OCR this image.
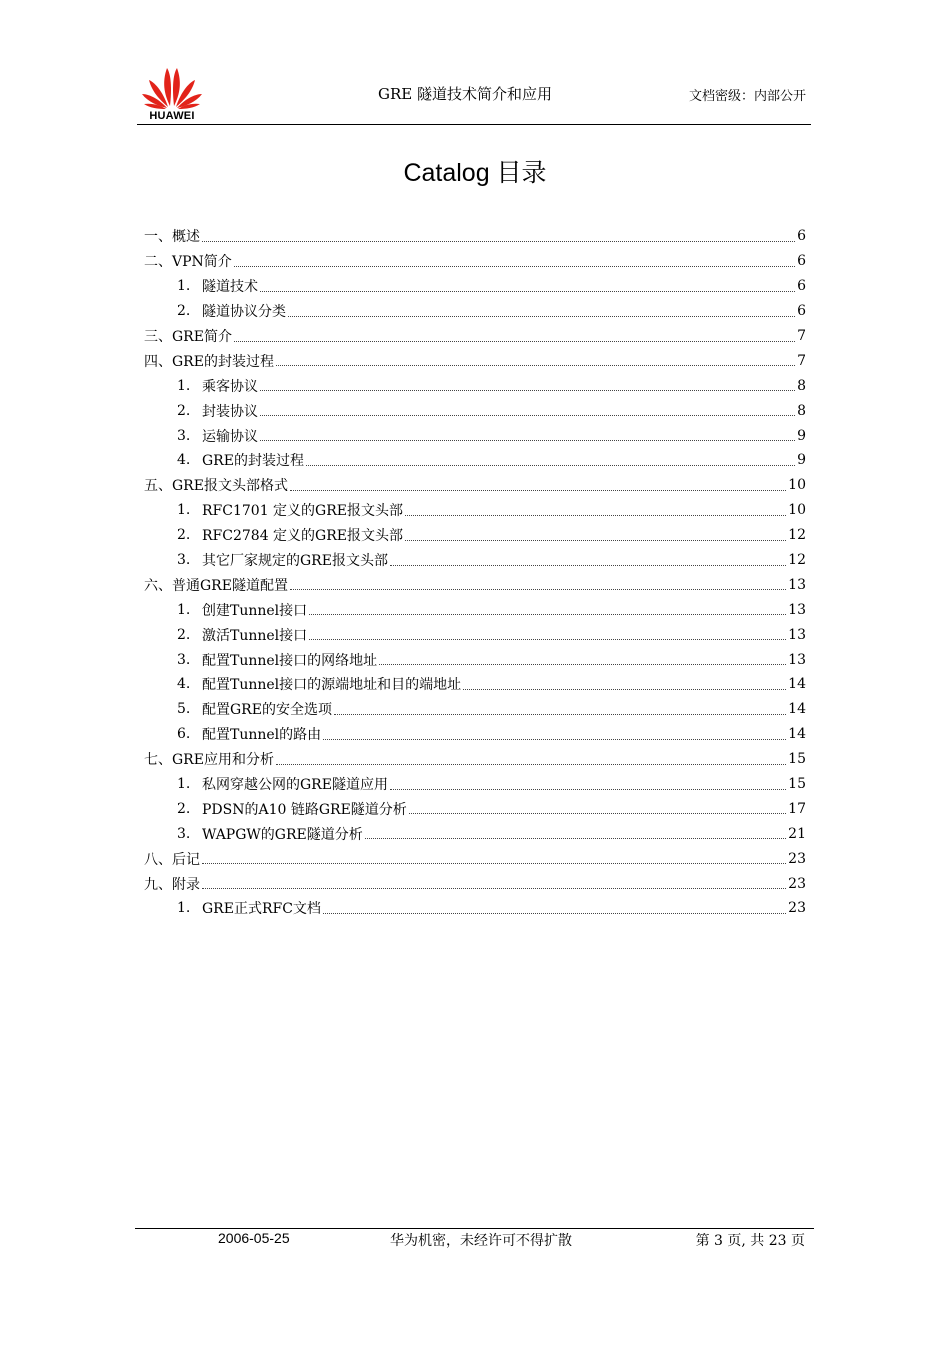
HUAWEI
GRE 隧道技术简介和应用	文档密级：内部公开
Catalog 目录
一、概述	6
二、VPN简介	6
1. 隧道技术	6
2. 隧道协议分类	6
三、GRE简介	7
四、GRE的封装过程	7
1. 乘客协议	8
2. 封装协议	8
3. 运输协议	9
4. GRE的封装过程	9
五、GRE报文头部格式	10
1. RFC1701 定义的GRE报文头部	10
2. RFC2784 定义的GRE报文头部	12
3. 其它厂家规定的GRE报文头部	12
六、普通GRE隧道配置	13
1. 创建Tunnel接口	13
2. 激活Tunnel接口	13
3. 配置Tunnel接口的网络地址	13
4. 配置Tunnel接口的源端地址和目的端地址	14
5. 配置GRE的安全选项	14
6. 配置Tunnel的路由	14
七、GRE应用和分析	15
1. 私网穿越公网的GRE隧道应用	15
2. PDSN的A10 链路GRE隧道分析	17
3. WAPGW的GRE隧道分析	21
八、后记	23
九、附录	23
1. GRE正式RFC文档	23
2006-05-25	华为机密，未经许可不得扩散	第 3 页, 共 23 页
